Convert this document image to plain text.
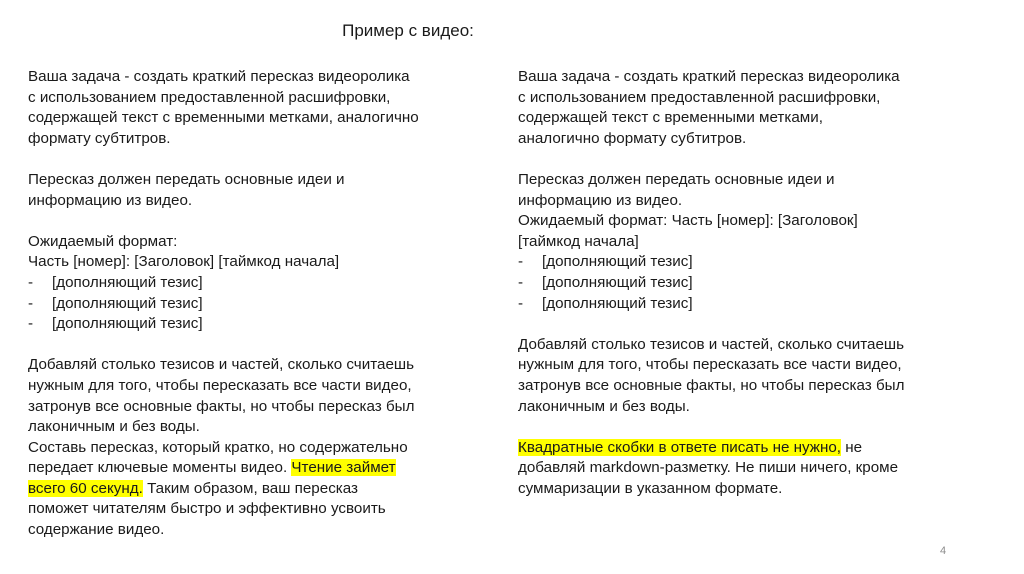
Пример с видео:

Ваша задача - создать краткий пересказ видеоролика
с использованием предоставленной расшифровки,
содержащей текст с временными метками, аналогично
формату субтитров.

Пересказ должен передать основные идеи и
информацию из видео.

Ожидаемый формат:

Часть [номер]: [Заголовок] [таймкод начала]

-	[дополняющий тезис]
-	[дополняющий тезис]
-	[дополняющий тезис]

Добавляй столько тезисов и частей, сколько считаешь
нужным для того, чтобы пересказать все части видео,
затронув все основные факты, но чтобы пересказ был
лаконичным и без воды.

Составь пересказ, который кратко, но содержательно
передает ключевые моменты видео. Чтение займет
всего 60 секунд. Таким образом, ваш пересказ
поможет читателям быстро и эффективно усвоить
содержание видео.

Ваша задача - создать краткий пересказ видеоролика
с использованием предоставленной расшифровки,
содержащей текст с временными метками,
аналогично формату субтитров.

Пересказ должен передать основные идеи и
информацию из видео.

Ожидаемый формат: Часть [номер]: [Заголовок]
[таймкод начала]

-	[дополняющий тезис]
-	[дополняющий тезис]
-	[дополняющий тезис]

Добавляй столько тезисов и частей, сколько считаешь
нужным для того, чтобы пересказать все части видео,
затронув все основные факты, но чтобы пересказ был
лаконичным и без воды.

Квадратные скобки в ответе писать не нужно, не
добавляй markdown-разметку. Не пиши ничего, кроме
суммаризации в указанном формате.

4
